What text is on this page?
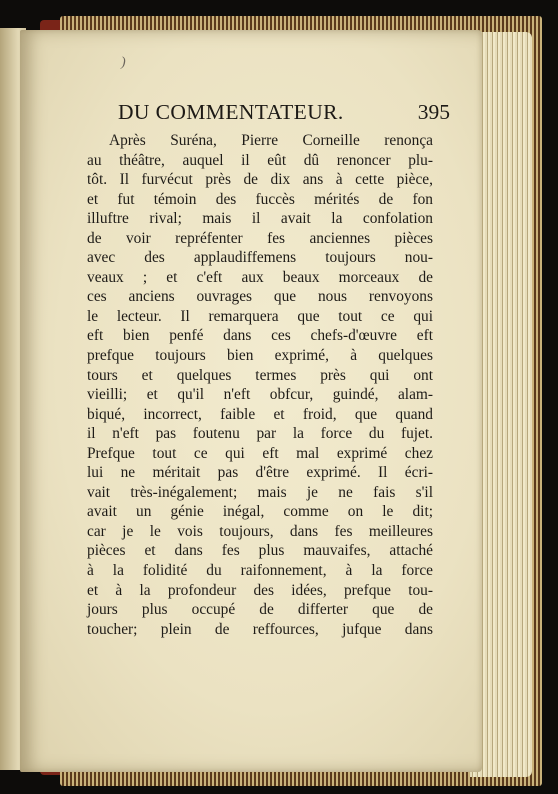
)
DU COMMENTATEUR.	395
Après Suréna, Pierre Corneille renonça
au théâtre, auquel il eût dû renoncer plu-
tôt. Il furvécut près de dix ans à cette pièce,
et fut témoin des fuccès mérités de fon
illuftre rival; mais il avait la confolation
de voir repréfenter fes anciennes pièces
avec des applaudiffemens toujours nou-
veaux ; et c'eft aux beaux morceaux de
ces anciens ouvrages que nous renvoyons
le lecteur. Il remarquera que tout ce qui
eft bien penfé dans ces chefs-d'œuvre eft
prefque toujours bien exprimé, à quelques
tours et quelques termes près qui ont
vieilli; et qu'il n'eft obfcur, guindé, alam-
biqué, incorrect, faible et froid, que quand
il n'eft pas foutenu par la force du fujet.
Prefque tout ce qui eft mal exprimé chez
lui ne méritait pas d'être exprimé. Il écri-
vait très-inégalement; mais je ne fais s'il
avait un génie inégal, comme on le dit;
car je le vois toujours, dans fes meilleures
pièces et dans fes plus mauvaifes, attaché
à la folidité du raifonnement, à la force
et à la profondeur des idées, prefque tou-
jours plus occupé de differter que de
toucher; plein de reffources, jufque dans
